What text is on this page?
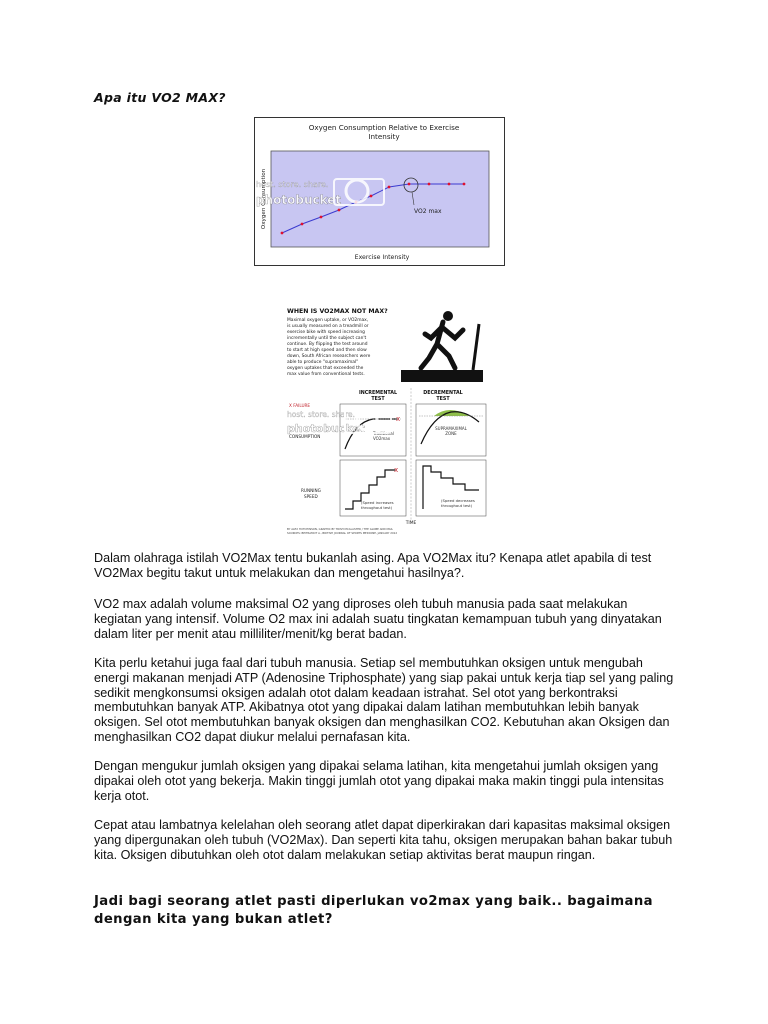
Apa itu VO2 MAX?
Oxygen Consumption Relative to Exercise
Intensity
Exercise Intensity
Oxygen Consumption	VO2 max
host. store. share.
photobucket
WHEN IS VO2MAX NOT MAX?
Maximal oxygen uptake, or VO2max,
is usually measured on a treadmill or
exercise bike with speed increasing
incrementally until the subject can't
continue. By flipping the test around
to start at high speed and then slow
down, South African researchers were
able to produce "supramaximal"
oxygen uptakes that exceeded the
max value from conventional tests.
INCREMENTAL
TEST
DECREMENTAL
TEST
X FAILURE
CONSUMPTION
x
Traditional
VO2max
SUPRAMAXIMAL
ZONE
RUNNING
SPEED
x
(Speed increases
throughout test)
(Speed decreases
throughout test)
TIME
BY ALEX HUTCHINSON, GRAPHIC BY TRISH MCALASTER / THE GLOBE AND MAIL
SOURCES: BEITRAMOT A., BRITISH JOURNAL OF SPORTS MEDICINE, JANUARY 2012
host. store. share.
photobucket

Dalam olahraga istilah VO2Max tentu bukanlah asing. Apa VO2Max itu? Kenapa atlet apabila di test VO2Max begitu takut untuk melakukan dan mengetahui hasilnya?.

VO2 max adalah volume maksimal O2 yang diproses oleh tubuh manusia pada saat melakukan kegiatan yang intensif. Volume O2 max ini adalah suatu tingkatan kemampuan tubuh yang dinyatakan dalam liter per menit atau milliliter/menit/kg berat badan.

Kita perlu ketahui juga faal dari tubuh manusia. Setiap sel membutuhkan oksigen untuk mengubah energi makanan menjadi ATP (Adenosine Triphosphate) yang siap pakai untuk kerja tiap sel yang paling sedikit mengkonsumsi oksigen adalah otot dalam keadaan istrahat. Sel otot yang berkontraksi membutuhkan banyak ATP. Akibatnya otot yang dipakai dalam latihan membutuhkan lebih banyak oksigen. Sel otot membutuhkan banyak oksigen dan menghasilkan CO2. Kebutuhan akan Oksigen dan menghasilkan CO2 dapat diukur melalui pernafasan kita.

Dengan mengukur jumlah oksigen yang dipakai selama latihan, kita mengetahui jumlah oksigen yang dipakai oleh otot yang bekerja. Makin tinggi jumlah otot yang dipakai maka makin tinggi pula intensitas kerja otot.

Cepat atau lambatnya kelelahan oleh seorang atlet dapat diperkirakan dari kapasitas maksimal oksigen yang dipergunakan oleh tubuh (VO2Max). Dan seperti kita tahu, oksigen merupakan bahan bakar tubuh kita. Oksigen dibutuhkan oleh otot dalam melakukan setiap aktivitas berat maupun ringan.

Jadi bagi seorang atlet pasti diperlukan vo2max yang baik.. bagaimana dengan kita yang bukan atlet?
